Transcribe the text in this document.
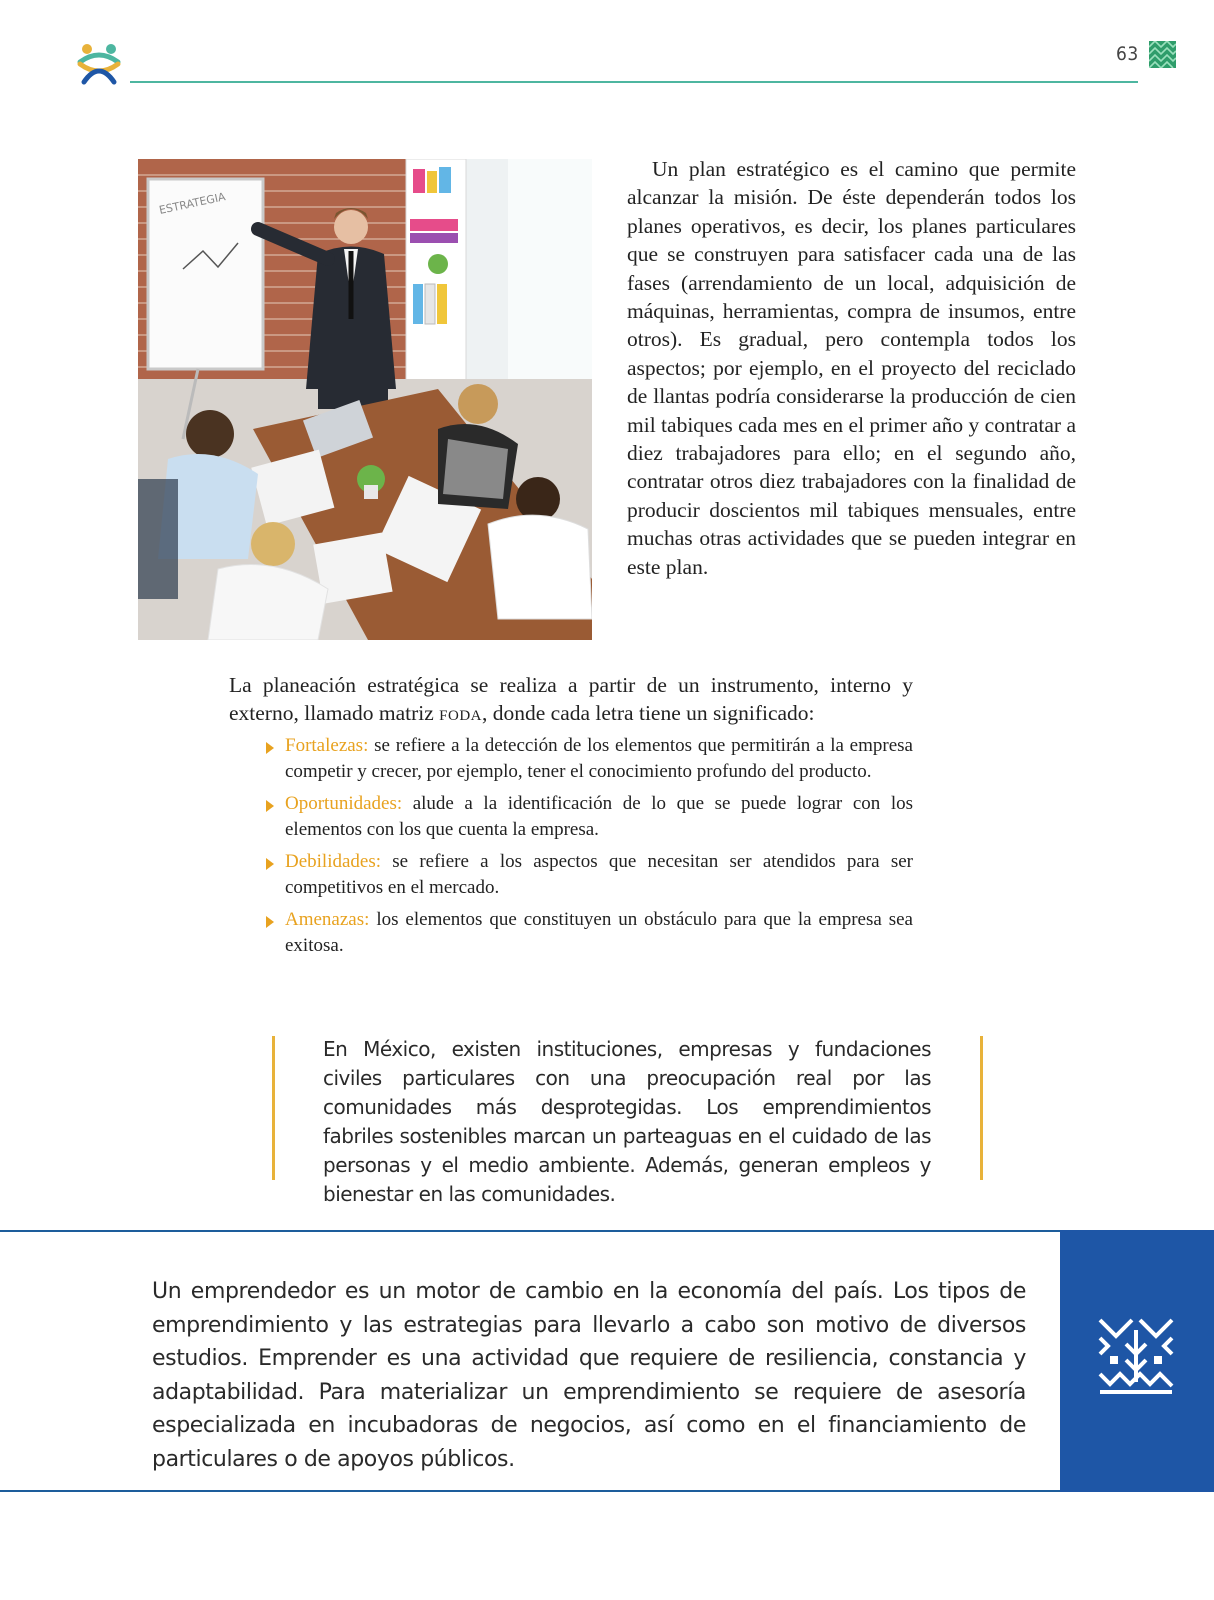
63
ESTRATEGIA

Un plan estratégico es el camino que permite alcanzar la misión. De éste dependerán todos los planes operativos, es decir, los planes particulares que se construyen para satisfacer cada una de las fases (arrendamiento de un local, adquisición de máquinas, herramientas, compra de insumos, entre otros). Es gradual, pero contempla todos los aspectos; por ejemplo, en el proyecto del reciclado de llantas podría considerarse la producción de cien mil tabiques cada mes en el primer año y contratar a diez trabajadores para ello; en el segundo año, contratar otros diez trabajadores con la finalidad de producir doscientos mil tabiques mensuales, entre muchas otras actividades que se pueden integrar en este plan.

La planeación estratégica se realiza a partir de un instrumento, interno y externo, llamado matriz foda, donde cada letra tiene un significado:

Fortalezas: se refiere a la detección de los elementos que permitirán a la empresa competir y crecer, por ejemplo, tener el conocimiento profundo del producto.
Oportunidades: alude a la identificación de lo que se puede lograr con los elementos con los que cuenta la empresa.
Debilidades: se refiere a los aspectos que necesitan ser atendidos para ser competitivos en el mercado.
Amenazas: los elementos que constituyen un obstáculo para que la empresa sea exitosa.

En México, existen instituciones, empresas y fundaciones civiles particulares con una preocupación real por las comunidades más desprotegidas. Los emprendimientos fabriles sostenibles marcan un parteaguas en el cuidado de las personas y el medio ambiente. Además, generan empleos y bienestar en las comunidades.

Un emprendedor es un motor de cambio en la economía del país. Los tipos de emprendimiento y las estrategias para llevarlo a cabo son motivo de diversos estudios. Emprender es una actividad que requiere de resiliencia, constancia y adaptabilidad. Para materializar un emprendimiento se requiere de asesoría especializada en incubadoras de negocios, así como en el financiamiento de particulares o de apoyos públicos.
